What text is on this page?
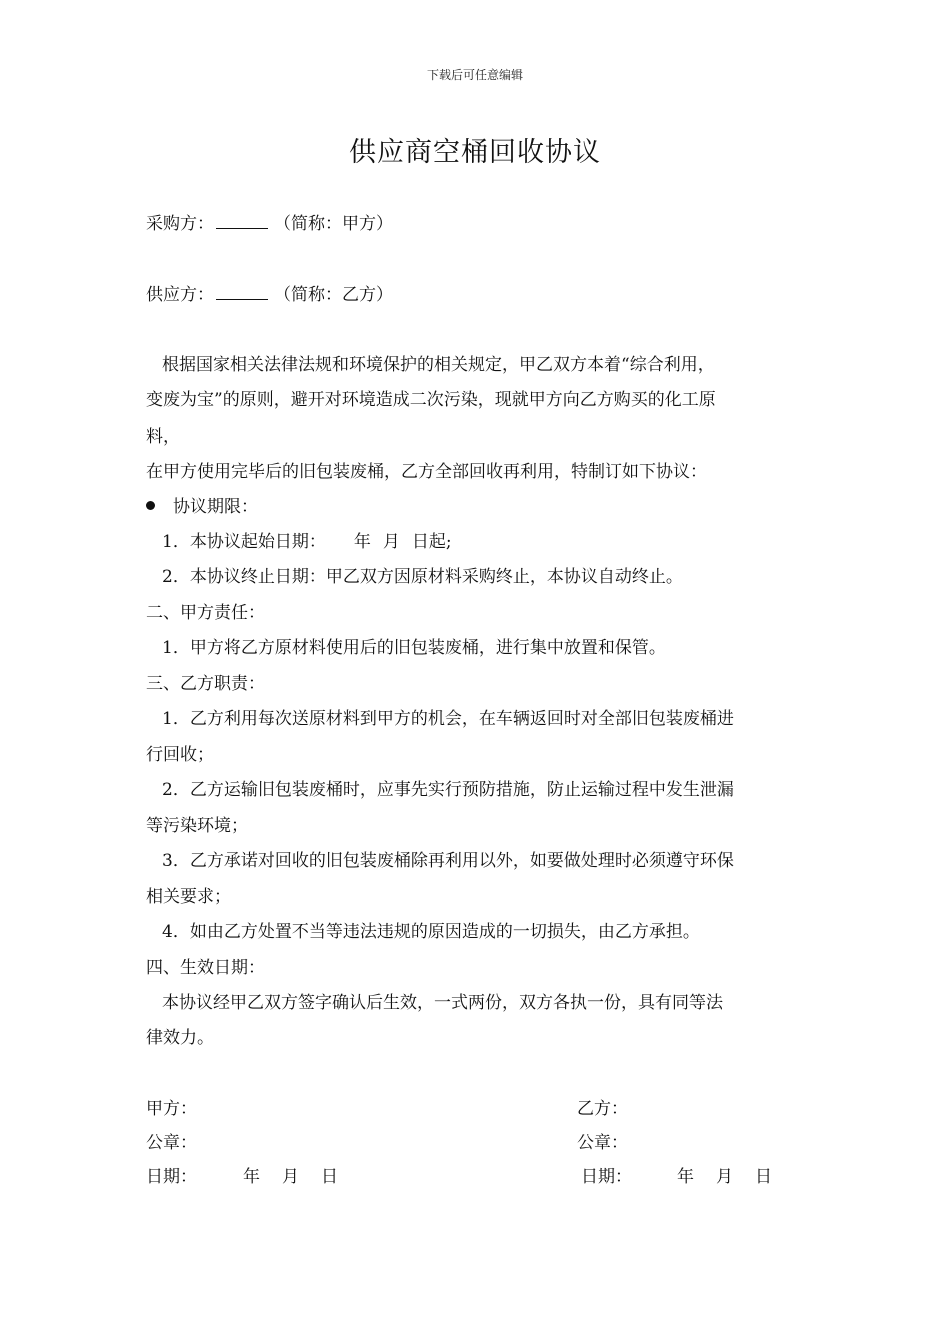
下载后可任意编辑
供应商空桶回收协议
采购方：	（简称：甲方）
供应方：	（简称：乙方）
根据国家相关法律法规和环境保护的相关规定，甲乙双方本着“综合利用，
变废为宝”的原则，避开对环境造成二次污染，现就甲方向乙方购买的化工原
料，
在甲方使用完毕后的旧包装废桶，乙方全部回收再利用，特制订如下协议：
协议期限：
1．本协议起始日期： 年 月 日起;
2．本协议终止日期：甲乙双方因原材料采购终止，本协议自动终止。
二、甲方责任：
1．甲方将乙方原材料使用后的旧包装废桶，进行集中放置和保管。
三、乙方职责：
1．乙方利用每次送原材料到甲方的机会，在车辆返回时对全部旧包装废桶进
行回收；
2．乙方运输旧包装废桶时，应事先实行预防措施，防止运输过程中发生泄漏
等污染环境；
3．乙方承诺对回收的旧包装废桶除再利用以外，如要做处理时必须遵守环保
相关要求；
4．如由乙方处置不当等违法违规的原因造成的一切损失，由乙方承担。
四、生效日期：
本协议经甲乙双方签字确认后生效，一式两份，双方各执一份，具有同等法
律效力。
甲方：	乙方：
公章：	公章：
日期：	年 月 日	日期：	年 月 日
